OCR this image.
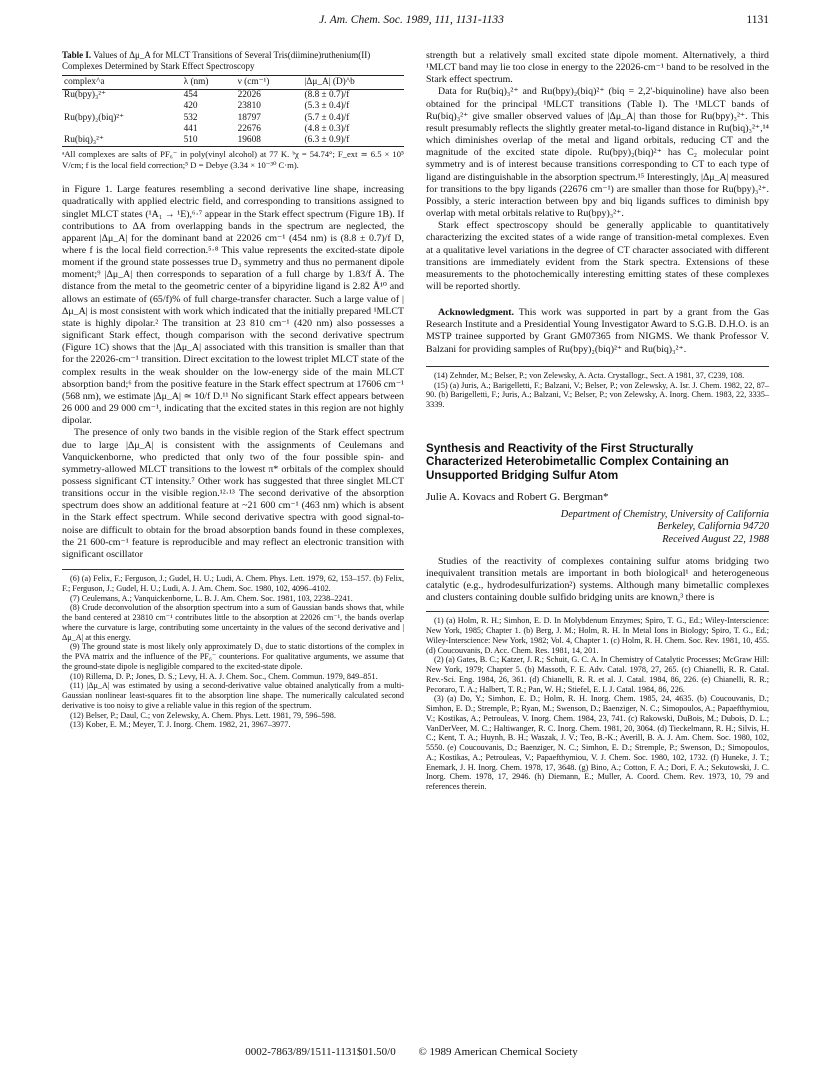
J. Am. Chem. Soc. 1989, 111, 1131-1133	1131

Table I. Values of Δμ_A for MLCT Transitions of Several Tris(diimine)ruthenium(II) Complexes Determined by Stark Effect Spectroscopy

complex^a	λ (nm)	ν (cm⁻¹)	|Δμ_A| (D)^b
Ru(bpy)₃²⁺	454	22026	(8.8 ± 0.7)/f
	420	23810	(5.3 ± 0.4)/f
Ru(bpy)₂(biq)²⁺	532	18797	(5.7 ± 0.4)/f
	441	22676	(4.8 ± 0.3)/f
Ru(biq)₃²⁺	510	19608	(6.3 ± 0.9)/f

ᵃAll complexes are salts of PF₆⁻ in poly(vinyl alcohol) at 77 K. ᵇχ = 54.74°; F_ext ≃ 6.5 × 10⁵ V/cm; f is the local field correction;⁵ D = Debye (3.34 × 10⁻³⁰ C·m).

in Figure 1. Large features resembling a second derivative line shape, increasing quadratically with applied electric field, and corresponding to transitions assigned to singlet MLCT states (¹A₁ → ¹E),⁶·⁷ appear in the Stark effect spectrum (Figure 1B). If contributions to ΔA from overlapping bands in the spectrum are neglected, the apparent |Δμ_A| for the dominant band at 22026 cm⁻¹ (454 nm) is (8.8 ± 0.7)/f D, where f is the local field correction.⁵·⁸ This value represents the excited-state dipole moment if the ground state possesses true D₃ symmetry and thus no permanent dipole moment;⁹ |Δμ_A| then corresponds to separation of a full charge by 1.83/f Å. The distance from the metal to the geometric center of a bipyridine ligand is 2.82 Å¹⁰ and allows an estimate of (65/f)% of full charge-transfer character. Such a large value of |Δμ_A| is most consistent with work which indicated that the initially prepared ¹MLCT state is highly dipolar.² The transition at 23 810 cm⁻¹ (420 nm) also possesses a significant Stark effect, though comparison with the second derivative spectrum (Figure 1C) shows that the |Δμ_A| associated with this transition is smaller than that for the 22026-cm⁻¹ transition. Direct excitation to the lowest triplet MLCT state of the complex results in the weak shoulder on the low-energy side of the main MLCT absorption band;⁶ from the positive feature in the Stark effect spectrum at 17606 cm⁻¹ (568 nm), we estimate |Δμ_A| ≃ 10/f D.¹¹ No significant Stark effect appears between 26 000 and 29 000 cm⁻¹, indicating that the excited states in this region are not highly dipolar.

The presence of only two bands in the visible region of the Stark effect spectrum due to large |Δμ_A| is consistent with the assignments of Ceulemans and Vanquickenborne, who predicted that only two of the four possible spin- and symmetry-allowed MLCT transitions to the lowest π* orbitals of the complex should possess significant CT intensity.⁷ Other work has suggested that three singlet MLCT transitions occur in the visible region.¹²·¹³ The second derivative of the absorption spectrum does show an additional feature at ~21 600 cm⁻¹ (463 nm) which is absent in the Stark effect spectrum. While second derivative spectra with good signal-to-noise are difficult to obtain for the broad absorption bands found in these complexes, the 21 600-cm⁻¹ feature is reproducible and may reflect an electronic transition with significant oscillator

(6) (a) Felix, F.; Ferguson, J.; Gudel, H. U.; Ludi, A. Chem. Phys. Lett. 1979, 62, 153–157. (b) Felix, F.; Ferguson, J.; Gudel, H. U.; Ludi, A. J. Am. Chem. Soc. 1980, 102, 4096–4102.

(7) Ceulemans, A.; Vanquickenborne, L. B. J. Am. Chem. Soc. 1981, 103, 2238–2241.

(8) Crude deconvolution of the absorption spectrum into a sum of Gaussian bands shows that, while the band centered at 23810 cm⁻¹ contributes little to the absorption at 22026 cm⁻¹, the bands overlap where the curvature is large, contributing some uncertainty in the values of the second derivative and |Δμ_A| at this energy.

(9) The ground state is most likely only approximately D₃ due to static distortions of the complex in the PVA matrix and the influence of the PF₆⁻ counterions. For qualitative arguments, we assume that the ground-state dipole is negligible compared to the excited-state dipole.

(10) Rillema, D. P.; Jones, D. S.; Levy, H. A. J. Chem. Soc., Chem. Commun. 1979, 849–851.

(11) |Δμ_A| was estimated by using a second-derivative value obtained analytically from a multi-Gaussian nonlinear least-squares fit to the absorption line shape. The numerically calculated second derivative is too noisy to give a reliable value in this region of the spectrum.

(12) Belser, P.; Daul, C.; von Zelewsky, A. Chem. Phys. Lett. 1981, 79, 596–598.

(13) Kober, E. M.; Meyer, T. J. Inorg. Chem. 1982, 21, 3967–3977.

strength but a relatively small excited state dipole moment. Alternatively, a third ¹MLCT band may lie too close in energy to the 22026-cm⁻¹ band to be resolved in the Stark effect spectrum.

Data for Ru(biq)₃²⁺ and Ru(bpy)₂(biq)²⁺ (biq = 2,2'-biquinoline) have also been obtained for the principal ¹MLCT transitions (Table I). The ¹MLCT bands of Ru(biq)₃²⁺ give smaller observed values of |Δμ_A| than those for Ru(bpy)₃²⁺. This result presumably reflects the slightly greater metal-to-ligand distance in Ru(biq)₃²⁺,¹⁴ which diminishes overlap of the metal and ligand orbitals, reducing CT and the magnitude of the excited state dipole. Ru(bpy)₂(biq)²⁺ has C₂ molecular point symmetry and is of interest because transitions corresponding to CT to each type of ligand are distinguishable in the absorption spectrum.¹⁵ Interestingly, |Δμ_A| measured for transitions to the bpy ligands (22676 cm⁻¹) are smaller than those for Ru(bpy)₃²⁺. Possibly, a steric interaction between bpy and biq ligands suffices to diminish bpy overlap with metal orbitals relative to Ru(bpy)₃²⁺.

Stark effect spectroscopy should be generally applicable to quantitatively characterizing the excited states of a wide range of transition-metal complexes. Even at a qualitative level variations in the degree of CT character associated with different transitions are immediately evident from the Stark spectra. Extensions of these measurements to the photochemically interesting emitting states of these complexes will be reported shortly.

Acknowledgment. This work was supported in part by a grant from the Gas Research Institute and a Presidential Young Investigator Award to S.G.B. D.H.O. is an MSTP trainee supported by Grant GM07365 from NIGMS. We thank Professor V. Balzani for providing samples of Ru(bpy)₂(biq)²⁺ and Ru(biq)₃²⁺.

(14) Zehnder, M.; Belser, P.; von Zelewsky, A. Acta. Crystallogr., Sect. A 1981, 37, C239, 108.

(15) (a) Juris, A.; Barigelletti, F.; Balzani, V.; Belser, P.; von Zelewsky, A. Isr. J. Chem. 1982, 22, 87–90. (b) Barigelletti, F.; Juris, A.; Balzani, V.; Belser, P.; von Zelewsky, A. Inorg. Chem. 1983, 22, 3335–3339.

Synthesis and Reactivity of the First Structurally Characterized Heterobimetallic Complex Containing an Unsupported Bridging Sulfur Atom
Julie A. Kovacs and Robert G. Bergman*

Department of Chemistry, University of California

Berkeley, California 94720

Received August 22, 1988

Studies of the reactivity of complexes containing sulfur atoms bridging two inequivalent transition metals are important in both biological¹ and heterogeneous catalytic (e.g., hydrodesulfurization²) systems. Although many bimetallic complexes and clusters containing double sulfido bridging units are known,³ there is

(1) (a) Holm, R. H.; Simhon, E. D. In Molybdenum Enzymes; Spiro, T. G., Ed.; Wiley-Interscience: New York, 1985; Chapter 1. (b) Berg, J. M.; Holm, R. H. In Metal Ions in Biology; Spiro, T. G., Ed.; Wiley-Interscience: New York, 1982; Vol. 4, Chapter 1. (c) Holm, R. H. Chem. Soc. Rev. 1981, 10, 455. (d) Coucouvanis, D. Acc. Chem. Res. 1981, 14, 201.

(2) (a) Gates, B. C.; Katzer, J. R.; Schuit, G. C. A. In Chemistry of Catalytic Processes; McGraw Hill: New York, 1979; Chapter 5. (b) Massoth, F. E. Adv. Catal. 1978, 27, 265. (c) Chianelli, R. R. Catal. Rev.-Sci. Eng. 1984, 26, 361. (d) Chianelli, R. R. et al. J. Catal. 1984, 86, 226. (e) Chianelli, R. R.; Pecoraro, T. A.; Halbert, T. R.; Pan, W. H.; Stiefel, E. I. J. Catal. 1984, 86, 226.

(3) (a) Do, Y.; Simhon, E. D.; Holm, R. H. Inorg. Chem. 1985, 24, 4635. (b) Coucouvanis, D.; Simhon, E. D.; Stremple, P.; Ryan, M.; Swenson, D.; Baenziger, N. C.; Simopoulos, A.; Papaefthymiou, V.; Kostikas, A.; Petrouleas, V. Inorg. Chem. 1984, 23, 741. (c) Rakowski, DuBois, M.; Dubois, D. L.; VanDerVeer, M. C.; Haltiwanger, R. C. Inorg. Chem. 1981, 20, 3064. (d) Tieckelmann, R. H.; Silvis, H. C.; Kent, T. A.; Huynh, B. H.; Waszak, J. V.; Teo, B.-K.; Averill, B. A. J. Am. Chem. Soc. 1980, 102, 5550. (e) Coucouvanis, D.; Baenziger, N. C.; Simhon, E. D.; Stremple, P.; Swenson, D.; Simopoulos, A.; Kostikas, A.; Petrouleas, V.; Papaefthymiou, V. J. Chem. Soc. 1980, 102, 1732. (f) Huneke, J. T.; Enemark, J. H. Inorg. Chem. 1978, 17, 3648. (g) Bino, A.; Cotton, F. A.; Dori, F. A.; Sekutowski, J. C. Inorg. Chem. 1978, 17, 2946. (h) Diemann, E.; Muller, A. Coord. Chem. Rev. 1973, 10, 79 and references therein.

0002-7863/89/1511-1131$01.50/0 © 1989 American Chemical Society
